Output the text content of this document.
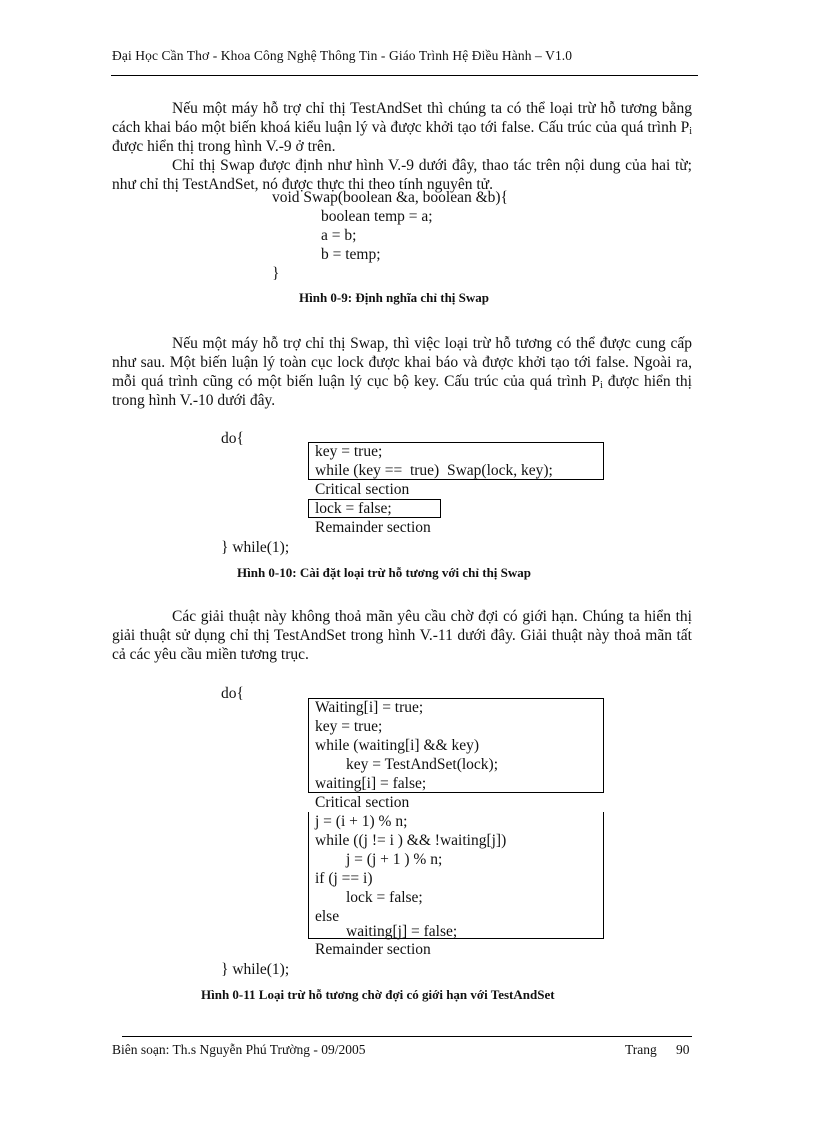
Đại Học Cần Thơ - Khoa Công Nghệ Thông Tin - Giáo Trình Hệ Điều Hành – V1.0

Nếu một máy hỗ trợ chỉ thị TestAndSet thì chúng ta có thể loại trừ hỗ tương bằng cách khai báo một biến khoá kiểu luận lý và được khởi tạo tới false. Cấu trúc của quá trình $P_i$ được hiển thị trong hình V.-9 ở trên.

Chỉ thị Swap được định như hình V.-9 dưới đây, thao tác trên nội dung của hai từ; như chỉ thị TestAndSet, nó được thực thi theo tính nguyên tử.

void Swap(boolean &a, boolean &b){
boolean temp = a;
a = b;
b = temp;
}
Hình 0-9: Định nghĩa chỉ thị Swap

Nếu một máy hỗ trợ chỉ thị Swap, thì việc loại trừ hỗ tương có thể được cung cấp như sau. Một biến luận lý toàn cục lock được khai báo và được khởi tạo tới false. Ngoài ra, mỗi quá trình cũng có một biến luận lý cục bộ key. Cấu trúc của quá trình $P_i$ được hiển thị trong hình V.-10 dưới đây.

do{
key = true;
while (key ==  true)  Swap(lock, key);
Critical section
lock = false;
Remainder section
} while(1);
Hình 0-10: Cài đặt loại trừ hỗ tương với chỉ thị Swap

Các giải thuật này không thoả mãn yêu cầu chờ đợi có giới hạn. Chúng ta hiển thị giải thuật sử dụng chỉ thị TestAndSet trong hình V.-11 dưới đây. Giải thuật này thoả mãn tất cả các yêu cầu miền tương trục.

do{
Waiting[i] = true;
key = true;
while (waiting[i] && key)
key = TestAndSet(lock);
waiting[i] = false;
Critical section
j = (i + 1) % n;
while ((j != i ) && !waiting[j])
j = (j + 1 ) % n;
if (j == i)
lock = false;
else
waiting[j] = false;
Remainder section
} while(1);
Hình 0-11 Loại trừ hỗ tương chờ đợi có giới hạn với TestAndSet
Biên soạn: Th.s Nguyễn Phú Trường - 09/2005	Trang 90
